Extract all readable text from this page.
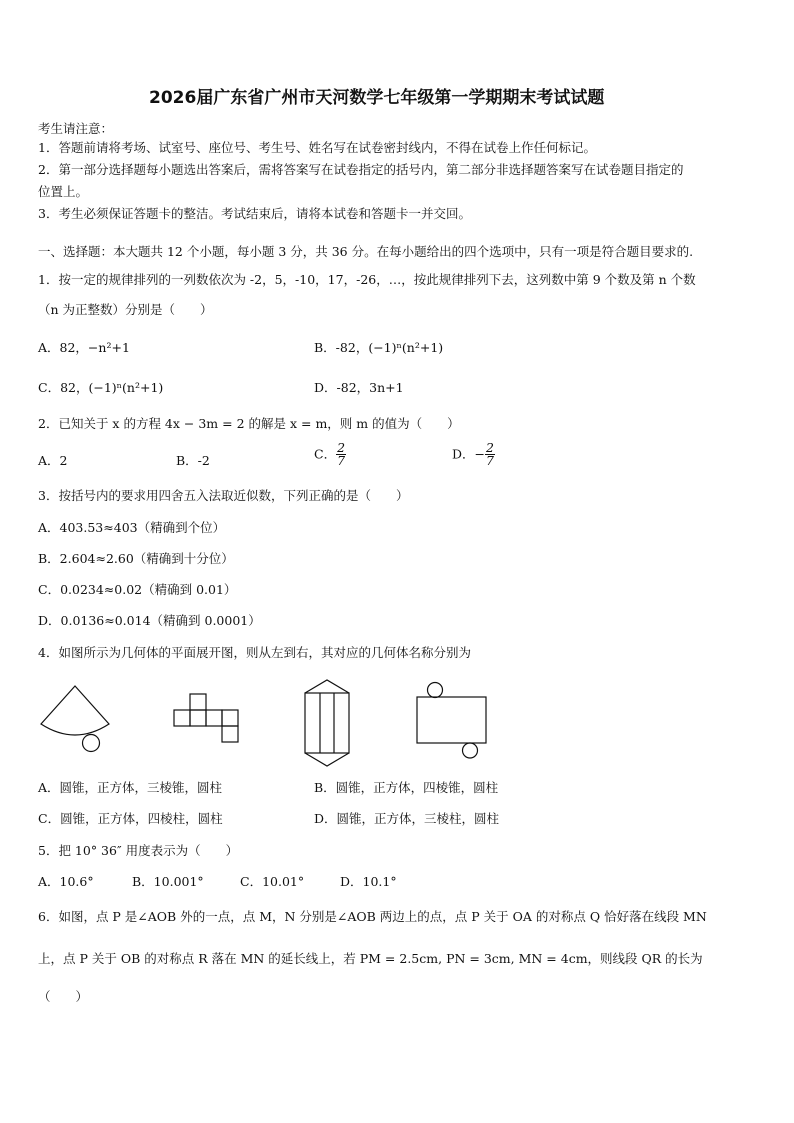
2026届广东省广州市天河数学七年级第一学期期末考试试题
考生请注意：
1．答题前请将考场、试室号、座位号、考生号、姓名写在试卷密封线内，不得在试卷上作任何标记。
2．第一部分选择题每小题选出答案后，需将答案写在试卷指定的括号内，第二部分非选择题答案写在试卷题目指定的
位置上。
3．考生必须保证答题卡的整洁。考试结束后，请将本试卷和答题卡一并交回。
一、选择题：本大题共 12 个小题，每小题 3 分，共 36 分。在每小题给出的四个选项中，只有一项是符合题目要求的.
1．按一定的规律排列的一列数依次为 -2，5，-10，17，-26，…，按此规律排列下去，这列数中第 9 个数及第 n 个数
（n 为正整数）分别是（　　）
A．82，−n²+1	B．-82，(−1)ⁿ(n²+1)
C．82，(−1)ⁿ(n²+1)	D．-82，3n+1
2．已知关于 x 的方程 4x − 3m = 2 的解是 x = m，则 m 的值为（　　）
A．2	B．-2	C． $\frac{2}{7}$	D．− $\frac{2}{7}$
3．按括号内的要求用四舍五入法取近似数，下列正确的是（　　）
A．403.53≈403（精确到个位）
B．2.604≈2.60（精确到十分位）
C．0.0234≈0.02（精确到 0.01）
D．0.0136≈0.014（精确到 0.0001）
4．如图所示为几何体的平面展开图，则从左到右，其对应的几何体名称分别为
A．圆锥，正方体，三棱锥，圆柱	B．圆锥，正方体，四棱锥，圆柱
C．圆锥，正方体，四棱柱，圆柱	D．圆锥，正方体，三棱柱，圆柱
5．把 10° 36″ 用度表示为（　　）
A．10.6°	B．10.001°	C．10.01°	D．10.1°
6．如图，点 P 是∠AOB 外的一点，点 M，N 分别是∠AOB 两边上的点，点 P 关于 OA 的对称点 Q 恰好落在线段 MN
上，点 P 关于 OB 的对称点 R 落在 MN 的延长线上，若 PM = 2.5cm, PN = 3cm, MN = 4cm，则线段 QR 的长为
（　　）
